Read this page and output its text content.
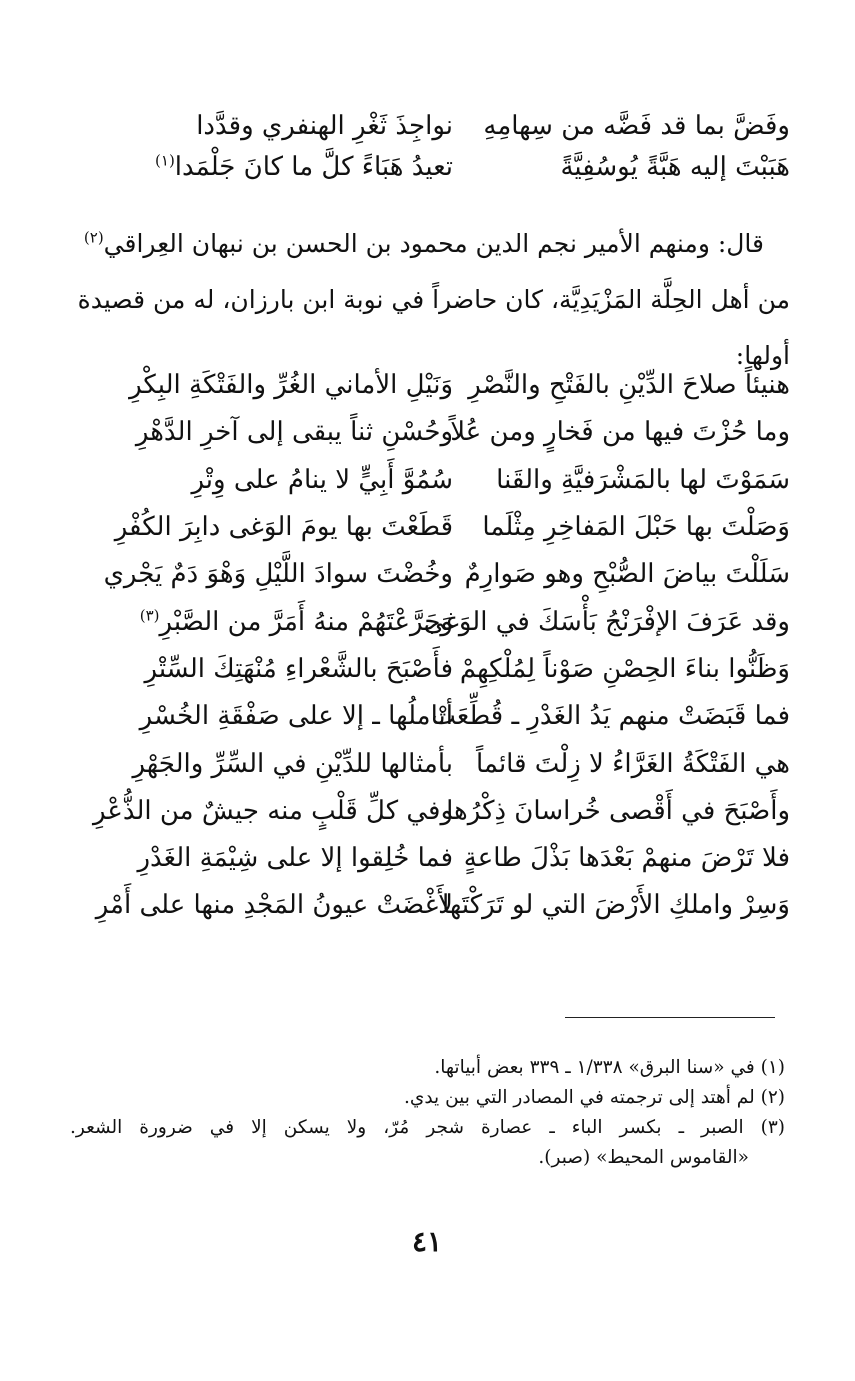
وفَضَّ بما قد فَضَّه من سِهامِهِ
نواجِذَ ثَغْرِ الهنفري وقدَّدا
هَبَبْتَ إليه هَبَّةً يُوسُفِيَّةً
تعيدُ هَبَاءً كلَّ ما كانَ جَلْمَدا$^{(١)}$
قال: ومنهم الأمير نجم الدين محمود بن الحسن بن نبهان العِراقي$^{(٢)}$
من أهل الحِلَّة المَزْيَدِيَّة، كان حاضراً في نوبة ابن بارزان، له من قصيدة
أولها:
هنيئاً صلاحَ الدِّيْنِ بالفَتْحِ والنَّصْرِ
وَنَيْلِ الأماني الغُرِّ والفَتْكَةِ البِكْرِ
وما حُزْتَ فيها من فَخارٍ ومن عُلاً
وحُسْنِ ثناً يبقى إلى آخرِ الدَّهْرِ
سَمَوْتَ لها بالمَشْرَفيَّةِ والقَنا
سُمُوَّ أَبِيٍّ لا ينامُ على وِتْرِ
وَصَلْتَ بها حَبْلَ المَفاخِرِ مِثْلَما
قَطَعْتَ بها يومَ الوَغى دابِرَ الكُفْرِ
سَلَلْتَ بياضَ الصُّبْحِ وهو صَوارِمٌ
وخُضْتَ سوادَ اللَّيْلِ وَهْوَ دَمٌ يَجْري
وقد عَرَفَ الإفْرَنْجُ بَأْسَكَ في الوَغى
وَجَرَّعْتَهُمْ منهُ أَمَرَّ من الصَّبْرِ$^{(٣)}$
وَظَنُّوا بناءَ الحِصْنِ صَوْناً لِمُلْكِهِمْ
فأَصْبَحَ بالشَّعْراءِ مُنْهَتِكَ السِّتْرِ
فما قَبَضَتْ منهم يَدُ الغَدْرِ ـ قُطِّعَتْ
أناملُها ـ إلا على صَفْقَةِ الخُسْرِ
هي الفَتْكَةُ الغَرَّاءُ لا زِلْتَ قائماً
بأمثالها للدِّيْنِ في السِّرِّ والجَهْرِ
وأَصْبَحَ في أَقْصى خُراسانَ ذِكْرُها
وفي كلِّ قَلْبٍ منه جيشٌ من الذُّعْرِ
فلا تَرْضَ منهمْ بَعْدَها بَذْلَ طاعةٍ
فما خُلِقوا إلا على شِيْمَةِ الغَدْرِ
وَسِرْ واملكِ الأَرْضَ التي لو تَرَكْتَها
لأَغْضَتْ عيونُ المَجْدِ منها على أَمْرِ
(١) في «سنا البرق» ١/٣٣٨ ـ ٣٣٩ بعض أبياتها.
(٢) لم أهتد إلى ترجمته في المصادر التي بين يدي.
(٣) الصبر ـ بكسر الباء ـ عصارة شجر مُرّ، ولا يسكن إلا في ضرورة الشعر.
«القاموس المحيط» (صبر).
٤١
